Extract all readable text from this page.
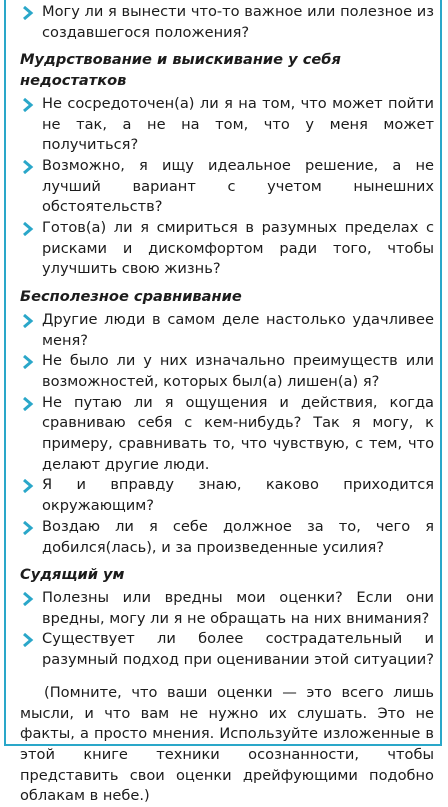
Могу ли я вынести что-то важное или полезное из создавшегося положения?
Мудрствование и выискивание у себя недостатков
Не сосредоточен(а) ли я на том, что может пойти не так, а не на том, что у меня может получиться?
Возможно, я ищу идеальное решение, а не лучший вариант с учетом нынешних обстоятельств?
Готов(а) ли я смириться в разумных пределах с рисками и дискомфортом ради того, чтобы улучшить свою жизнь?
Бесполезное сравнивание
Другие люди в самом деле настолько удачливее меня?
Не было ли у них изначально преимуществ или возможностей, которых был(а) лишен(а) я?
Не путаю ли я ощущения и действия, когда сравниваю себя с кем-нибудь? Так я могу, к примеру, сравнивать то, что чувствую, с тем, что делают другие люди.
Я и вправду знаю, каково приходится окружающим?
Воздаю ли я себе должное за то, чего я добился(лась), и за произведенные усилия?
Судящий ум
Полезны или вредны мои оценки? Если они вредны, могу ли я не обращать на них внимания?
Существует ли более сострадательный и разумный подход при оценивании этой ситуации?
(Помните, что ваши оценки — это всего лишь мысли, и что вам не нужно их слушать. Это не факты, а просто мнения. Используйте изложенные в этой книге техники осознанности, чтобы представить свои оценки дрейфующими подобно облакам в небе.)
